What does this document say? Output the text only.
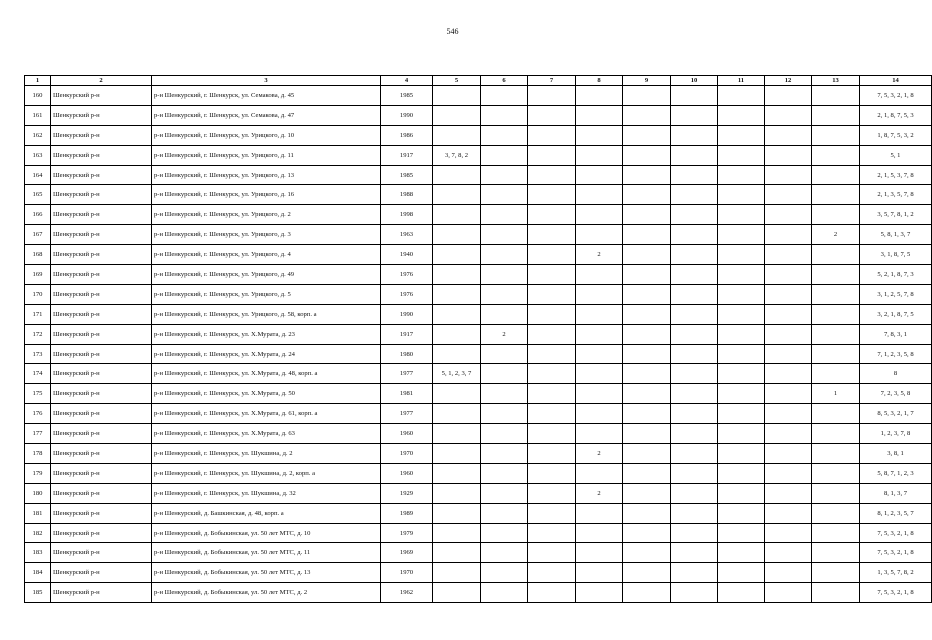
546
1	2	3	4	5	6	7	8	9	10	11	12	13	14
160	Шенкурский р-н	р-н Шенкурский, г. Шенкурск, ул. Семакова, д. 45	1985										7, 5, 3, 2, 1, 8
161	Шенкурский р-н	р-н Шенкурский, г. Шенкурск, ул. Семакова, д. 47	1990										2, 1, 8, 7, 5, 3
162	Шенкурский р-н	р-н Шенкурский, г. Шенкурск, ул. Урицкого, д. 10	1986										1, 8, 7, 5, 3, 2
163	Шенкурский р-н	р-н Шенкурский, г. Шенкурск, ул. Урицкого, д. 11	1917	3, 7, 8, 2									5, 1
164	Шенкурский р-н	р-н Шенкурский, г. Шенкурск, ул. Урицкого, д. 13	1985										2, 1, 5, 3, 7, 8
165	Шенкурский р-н	р-н Шенкурский, г. Шенкурск, ул. Урицкого, д. 16	1988										2, 1, 3, 5, 7, 8
166	Шенкурский р-н	р-н Шенкурский, г. Шенкурск, ул. Урицкого, д. 2	1998										3, 5, 7, 8, 1, 2
167	Шенкурский р-н	р-н Шенкурский, г. Шенкурск, ул. Урицкого, д. 3	1963									2	5, 8, 1, 3, 7
168	Шенкурский р-н	р-н Шенкурский, г. Шенкурск, ул. Урицкого, д. 4	1940				2						3, 1, 8, 7, 5
169	Шенкурский р-н	р-н Шенкурский, г. Шенкурск, ул. Урицкого, д. 49	1976										5, 2, 1, 8, 7, 3
170	Шенкурский р-н	р-н Шенкурский, г. Шенкурск, ул. Урицкого, д. 5	1976										3, 1, 2, 5, 7, 8
171	Шенкурский р-н	р-н Шенкурский, г. Шенкурск, ул. Урицкого, д. 58, корп. а	1990										3, 2, 1, 8, 7, 5
172	Шенкурский р-н	р-н Шенкурский, г. Шенкурск, ул. Х.Мурата, д. 23	1917		2								7, 8, 3, 1
173	Шенкурский р-н	р-н Шенкурский, г. Шенкурск, ул. Х.Мурата, д. 24	1980										7, 1, 2, 3, 5, 8
174	Шенкурский р-н	р-н Шенкурский, г. Шенкурск, ул. Х.Мурата, д. 48, корп. а	1977	5, 1, 2, 3, 7									8
175	Шенкурский р-н	р-н Шенкурский, г. Шенкурск, ул. Х.Мурата, д. 50	1981									1	7, 2, 3, 5, 8
176	Шенкурский р-н	р-н Шенкурский, г. Шенкурск, ул. Х.Мурата, д. 61, корп. а	1977										8, 5, 3, 2, 1, 7
177	Шенкурский р-н	р-н Шенкурский, г. Шенкурск, ул. Х.Мурата, д. 63	1960										1, 2, 3, 7, 8
178	Шенкурский р-н	р-н Шенкурский, г. Шенкурск, ул. Шукшина, д. 2	1970				2						3, 8, 1
179	Шенкурский р-н	р-н Шенкурский, г. Шенкурск, ул. Шукшина, д. 2, корп. а	1960										5, 8, 7, 1, 2, 3
180	Шенкурский р-н	р-н Шенкурский, г. Шенкурск, ул. Шукшина, д. 32	1929				2						8, 1, 3, 7
181	Шенкурский р-н	р-н Шенкурский, д. Башкинская, д. 48, корп. а	1989										8, 1, 2, 3, 5, 7
182	Шенкурский р-н	р-н Шенкурский, д. Бобыкинская, ул. 50 лет МТС, д. 10	1979										7, 5, 3, 2, 1, 8
183	Шенкурский р-н	р-н Шенкурский, д. Бобыкинская, ул. 50 лет МТС, д. 11	1969										7, 5, 3, 2, 1, 8
184	Шенкурский р-н	р-н Шенкурский, д. Бобыкинская, ул. 50 лет МТС, д. 13	1970										1, 3, 5, 7, 8, 2
185	Шенкурский р-н	р-н Шенкурский, д. Бобыкинская, ул. 50 лет МТС, д. 2	1962										7, 5, 3, 2, 1, 8
